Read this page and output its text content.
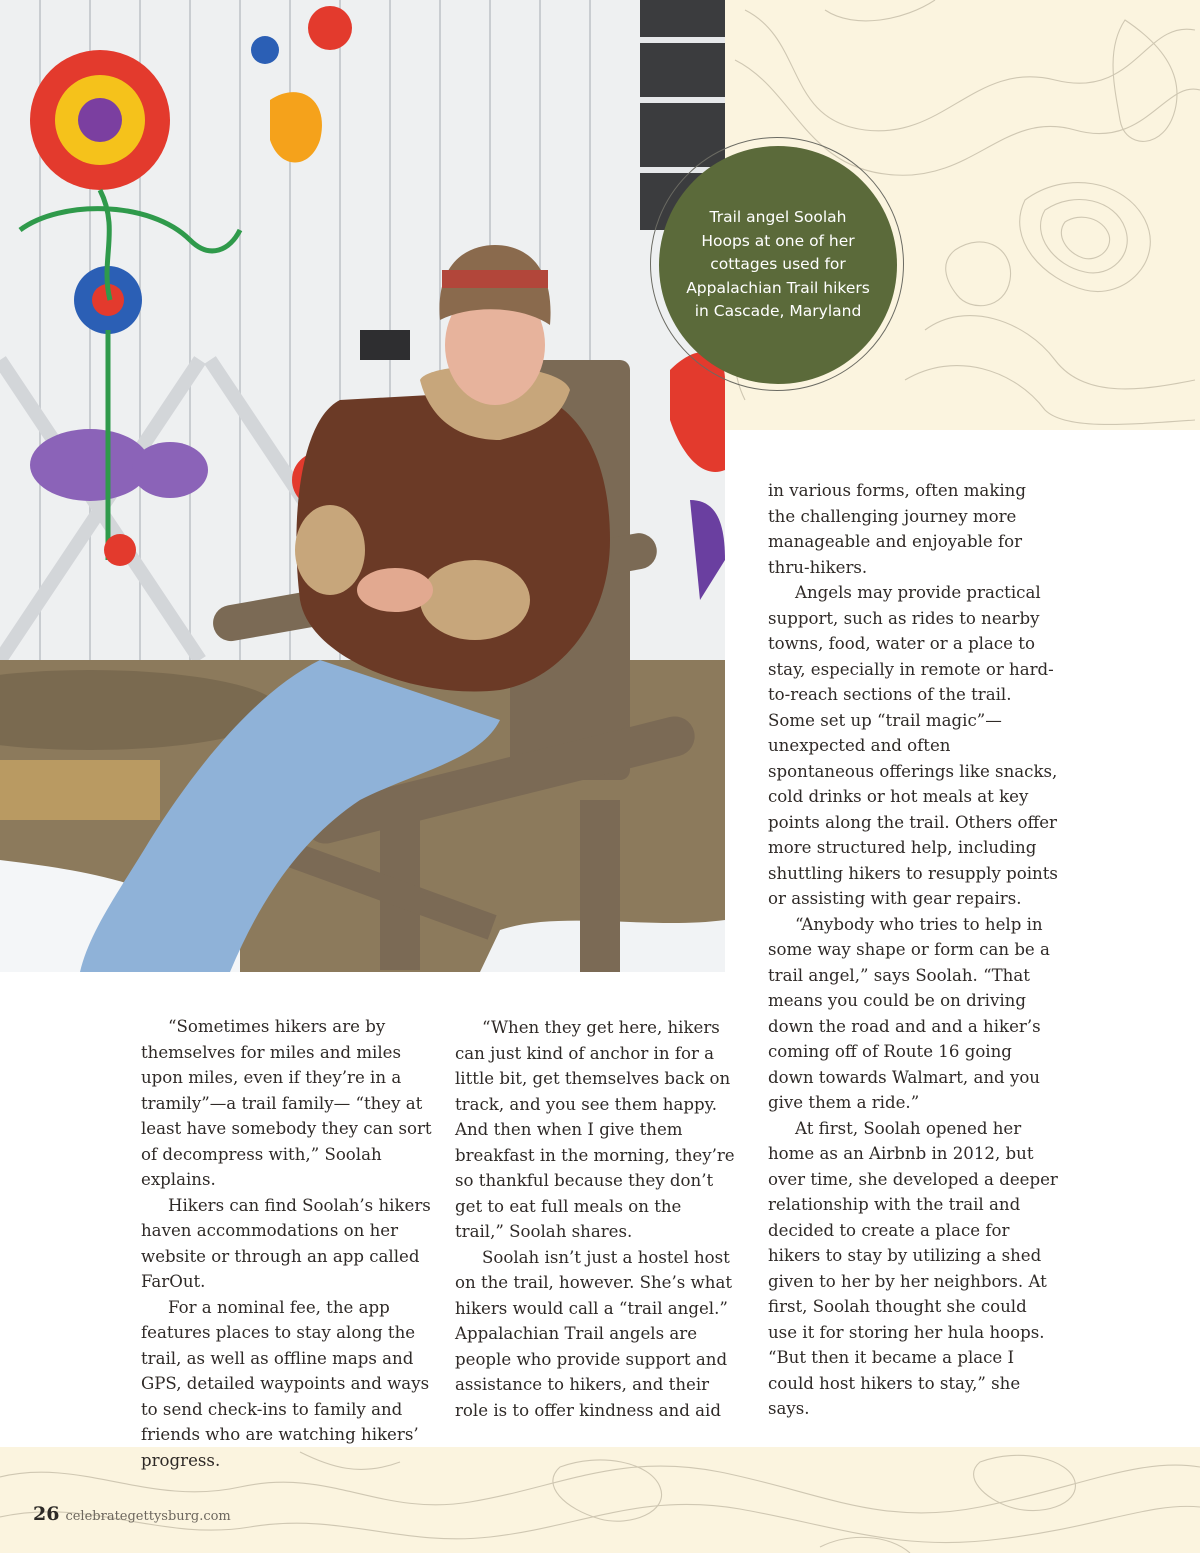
Trail angel Soolah
Hoops at one of her
cottages used for
Appalachian Trail hikers
in Cascade, Maryland

“Sometimes hikers are by themselves for miles and miles upon miles, even if they’re in a tramily”—a trail family— “they at least have somebody they can sort of decompress with,” Soolah explains.

Hikers can find Soolah’s hikers haven accommodations on her website or through an app called FarOut.

For a nominal fee, the app features places to stay along the trail, as well as offline maps and GPS, detailed waypoints and ways to send check-ins to family and friends who are watching hikers’ progress.

“When they get here, hikers can just kind of anchor in for a little bit, get themselves back on track, and you see them happy. And then when I give them breakfast in the morning, they’re so thankful because they don’t get to eat full meals on the trail,” Soolah shares.

Soolah isn’t just a hostel host on the trail, however. She’s what hikers would call a “trail angel.” Appalachian Trail angels are people who provide support and assistance to hikers, and their role is to offer kindness and aid

in various forms, often making the challenging journey more manageable and enjoyable for thru-hikers.

Angels may provide practical support, such as rides to nearby towns, food, water or a place to stay, especially in remote or hard-to-reach sections of the trail. Some set up “trail magic”—unexpected and often spontaneous offerings like snacks, cold drinks or hot meals at key points along the trail. Others offer more structured help, including shuttling hikers to resupply points or assisting with gear repairs.

“Anybody who tries to help in some way shape or form can be a trail angel,” says Soolah. “That means you could be on driving down the road and and a hiker’s coming off of Route 16 going down towards Walmart, and you give them a ride.”

At first, Soolah opened her home as an Airbnb in 2012, but over time, she developed a deeper relationship with the trail and decided to create a place for hikers to stay by utilizing a shed given to her by her neighbors. At first, Soolah thought she could use it for storing her hula hoops. “But then it became a place I could host hikers to stay,” she says.

26 celebrategettysburg.com
